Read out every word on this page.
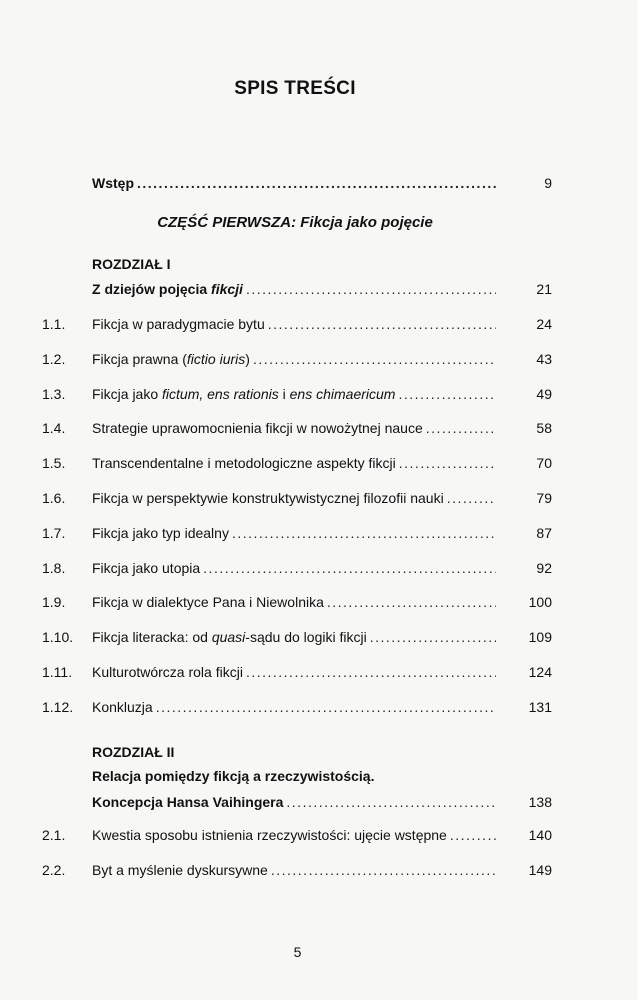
SPIS TREŚCI
Wstęp .....	9
CZĘŚĆ PIERWSZA: Fikcja jako pojęcie
ROZDZIAŁ I
Z dziejów pojęcia fikcji .....	21
1.1. Fikcja w paradygmacie bytu .....	24
1.2. Fikcja prawna (fictio iuris) .....	43
1.3. Fikcja jako fictum, ens rationis i ens chimaericum .....	49
1.4. Strategie uprawomocnienia fikcji w nowożytnej nauce .....	58
1.5. Transcendentalne i metodologiczne aspekty fikcji .....	70
1.6. Fikcja w perspektywie konstruktywistycznej filozofii nauki .....	79
1.7. Fikcja jako typ idealny .....	87
1.8. Fikcja jako utopia .....	92
1.9. Fikcja w dialektyce Pana i Niewolnika .....	100
1.10. Fikcja literacka: od quasi-sądu do logiki fikcji .....	109
1.11. Kulturotwórcza rola fikcji .....	124
1.12. Konkluzja .....	131
ROZDZIAŁ II
Relacja pomiędzy fikcją a rzeczywistością.
Koncepcja Hansa Vaihingera .....	138
2.1. Kwestia sposobu istnienia rzeczywistości: ujęcie wstępne .....	140
2.2. Byt a myślenie dyskursywne .....	149
5
